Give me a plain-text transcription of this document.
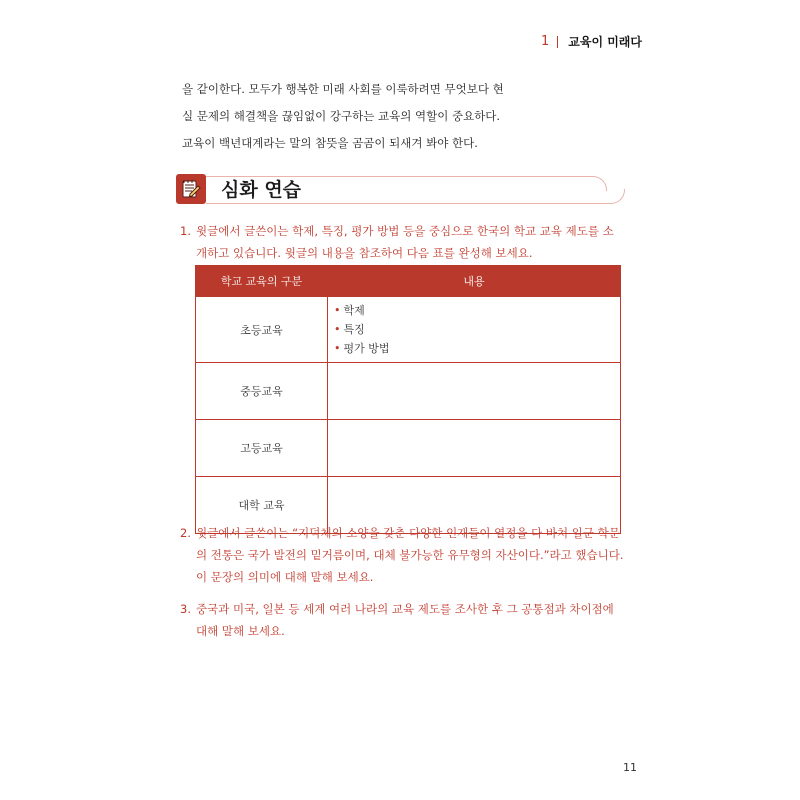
1 교육이 미래다

을 같이한다. 모두가 행복한 미래 사회를 이룩하려면 무엇보다 현

실 문제의 해결책을 끊임없이 강구하는 교육의 역할이 중요하다.

교육이 백년대계라는 말의 참뜻을 곰곰이 되새겨 봐야 한다.

심화 연습
1. 윗글에서 글쓴이는 학제, 특징, 평가 방법 등을 중심으로 한국의 학교 교육 제도를 소
개하고 있습니다. 윗글의 내용을 참조하여 다음 표를 완성해 보세요.
학교 교육의 구분	내용
초등교육	• 학제
• 특징
• 평가 방법

중등교육	
고등교육	
대학 교육	
2. 윗글에서 글쓴이는 “지덕체의 소양을 갖춘 다양한 인재들이 열정을 다 바쳐 일군 학문
의 전통은 국가 발전의 밑거름이며, 대체 불가능한 유무형의 자산이다.”라고 했습니다.
이 문장의 의미에 대해 말해 보세요.
3. 중국과 미국, 일본 등 세계 여러 나라의 교육 제도를 조사한 후 그 공통점과 차이점에
대해 말해 보세요.
11
